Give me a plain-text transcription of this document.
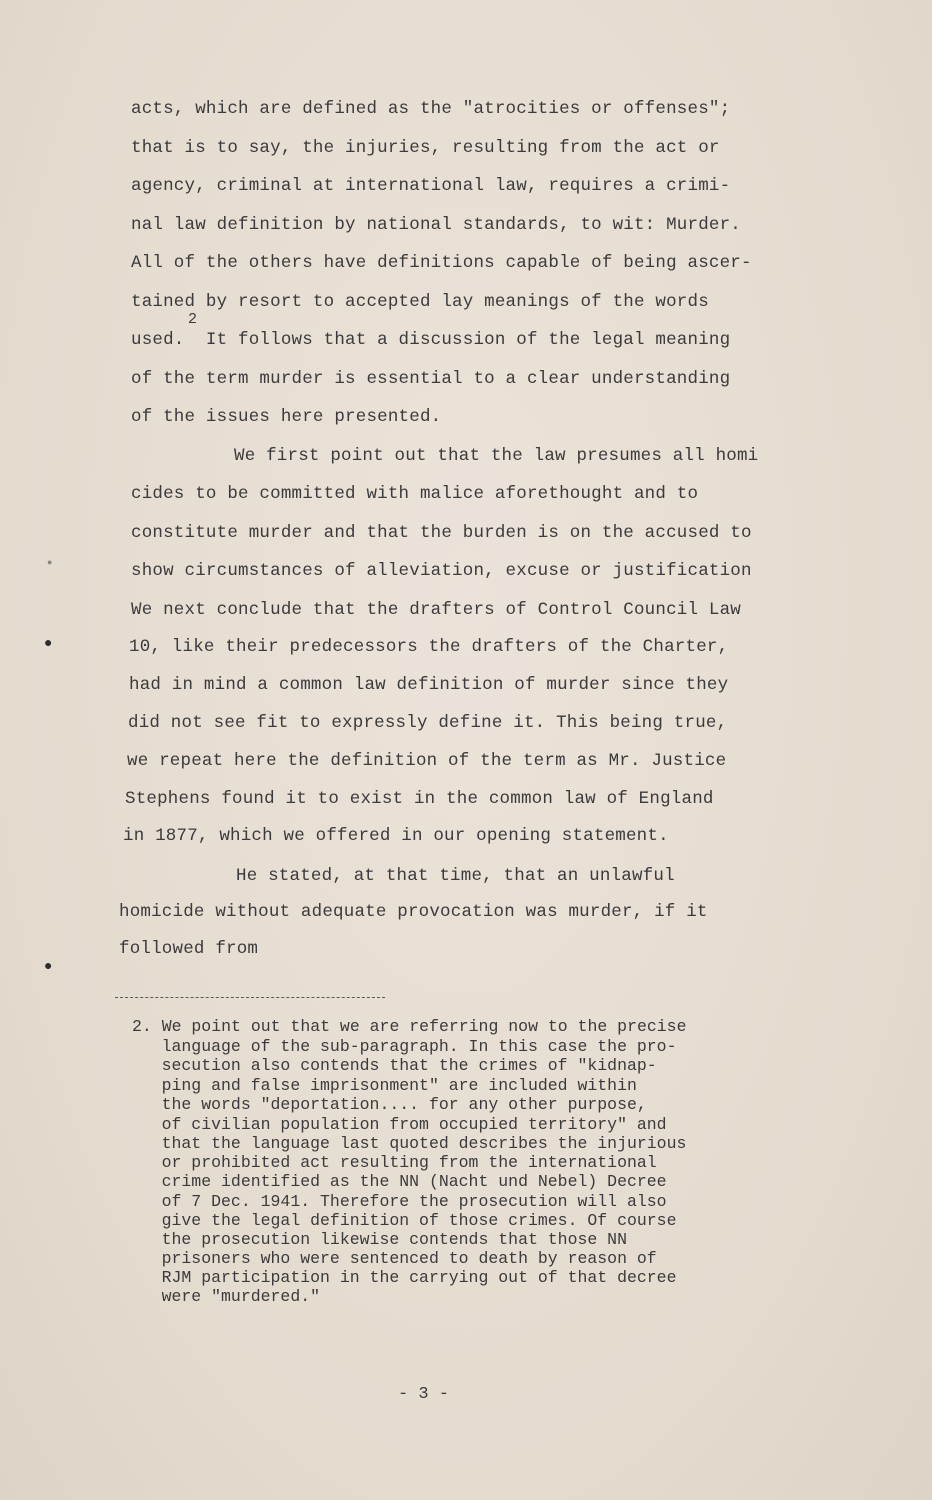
acts, which are defined as the "atrocities or offenses";
that is to say, the injuries, resulting from the act or
agency, criminal at international law, requires a crimi-
nal law definition by national standards, to wit: Murder.
All of the others have definitions capable of being ascer-
tained by resort to accepted lay meanings of the words
2
used.  It follows that a discussion of the legal meaning
of the term murder is essential to a clear understanding
of the issues here presented.
We first point out that the law presumes all homi
cides to be committed with malice aforethought and to
constitute murder and that the burden is on the accused to
show circumstances of alleviation, excuse or justification
We next conclude that the drafters of Control Council Law
10, like their predecessors the drafters of the Charter,
had in mind a common law definition of murder since they
did not see fit to expressly define it. This being true,
we repeat here the definition of the term as Mr. Justice
Stephens found it to exist in the common law of England
in 1877, which we offered in our opening statement.
He stated, at that time, that an unlawful
homicide without adequate provocation was murder, if it
followed from
2. We point out that we are referring now to the precise
language of the sub-paragraph. In this case the pro-
secution also contends that the crimes of "kidnap-
ping and false imprisonment" are included within
the words "deportation.... for any other purpose,
of civilian population from occupied territory" and
that the language last quoted describes the injurious
or prohibited act resulting from the international
crime identified as the NN (Nacht und Nebel) Decree
of 7 Dec. 1941. Therefore the prosecution will also
give the legal definition of those crimes. Of course
the prosecution likewise contends that those NN
prisoners who were sentenced to death by reason of
RJM participation in the carrying out of that decree
were "murdered."
- 3 -
●
●
●
